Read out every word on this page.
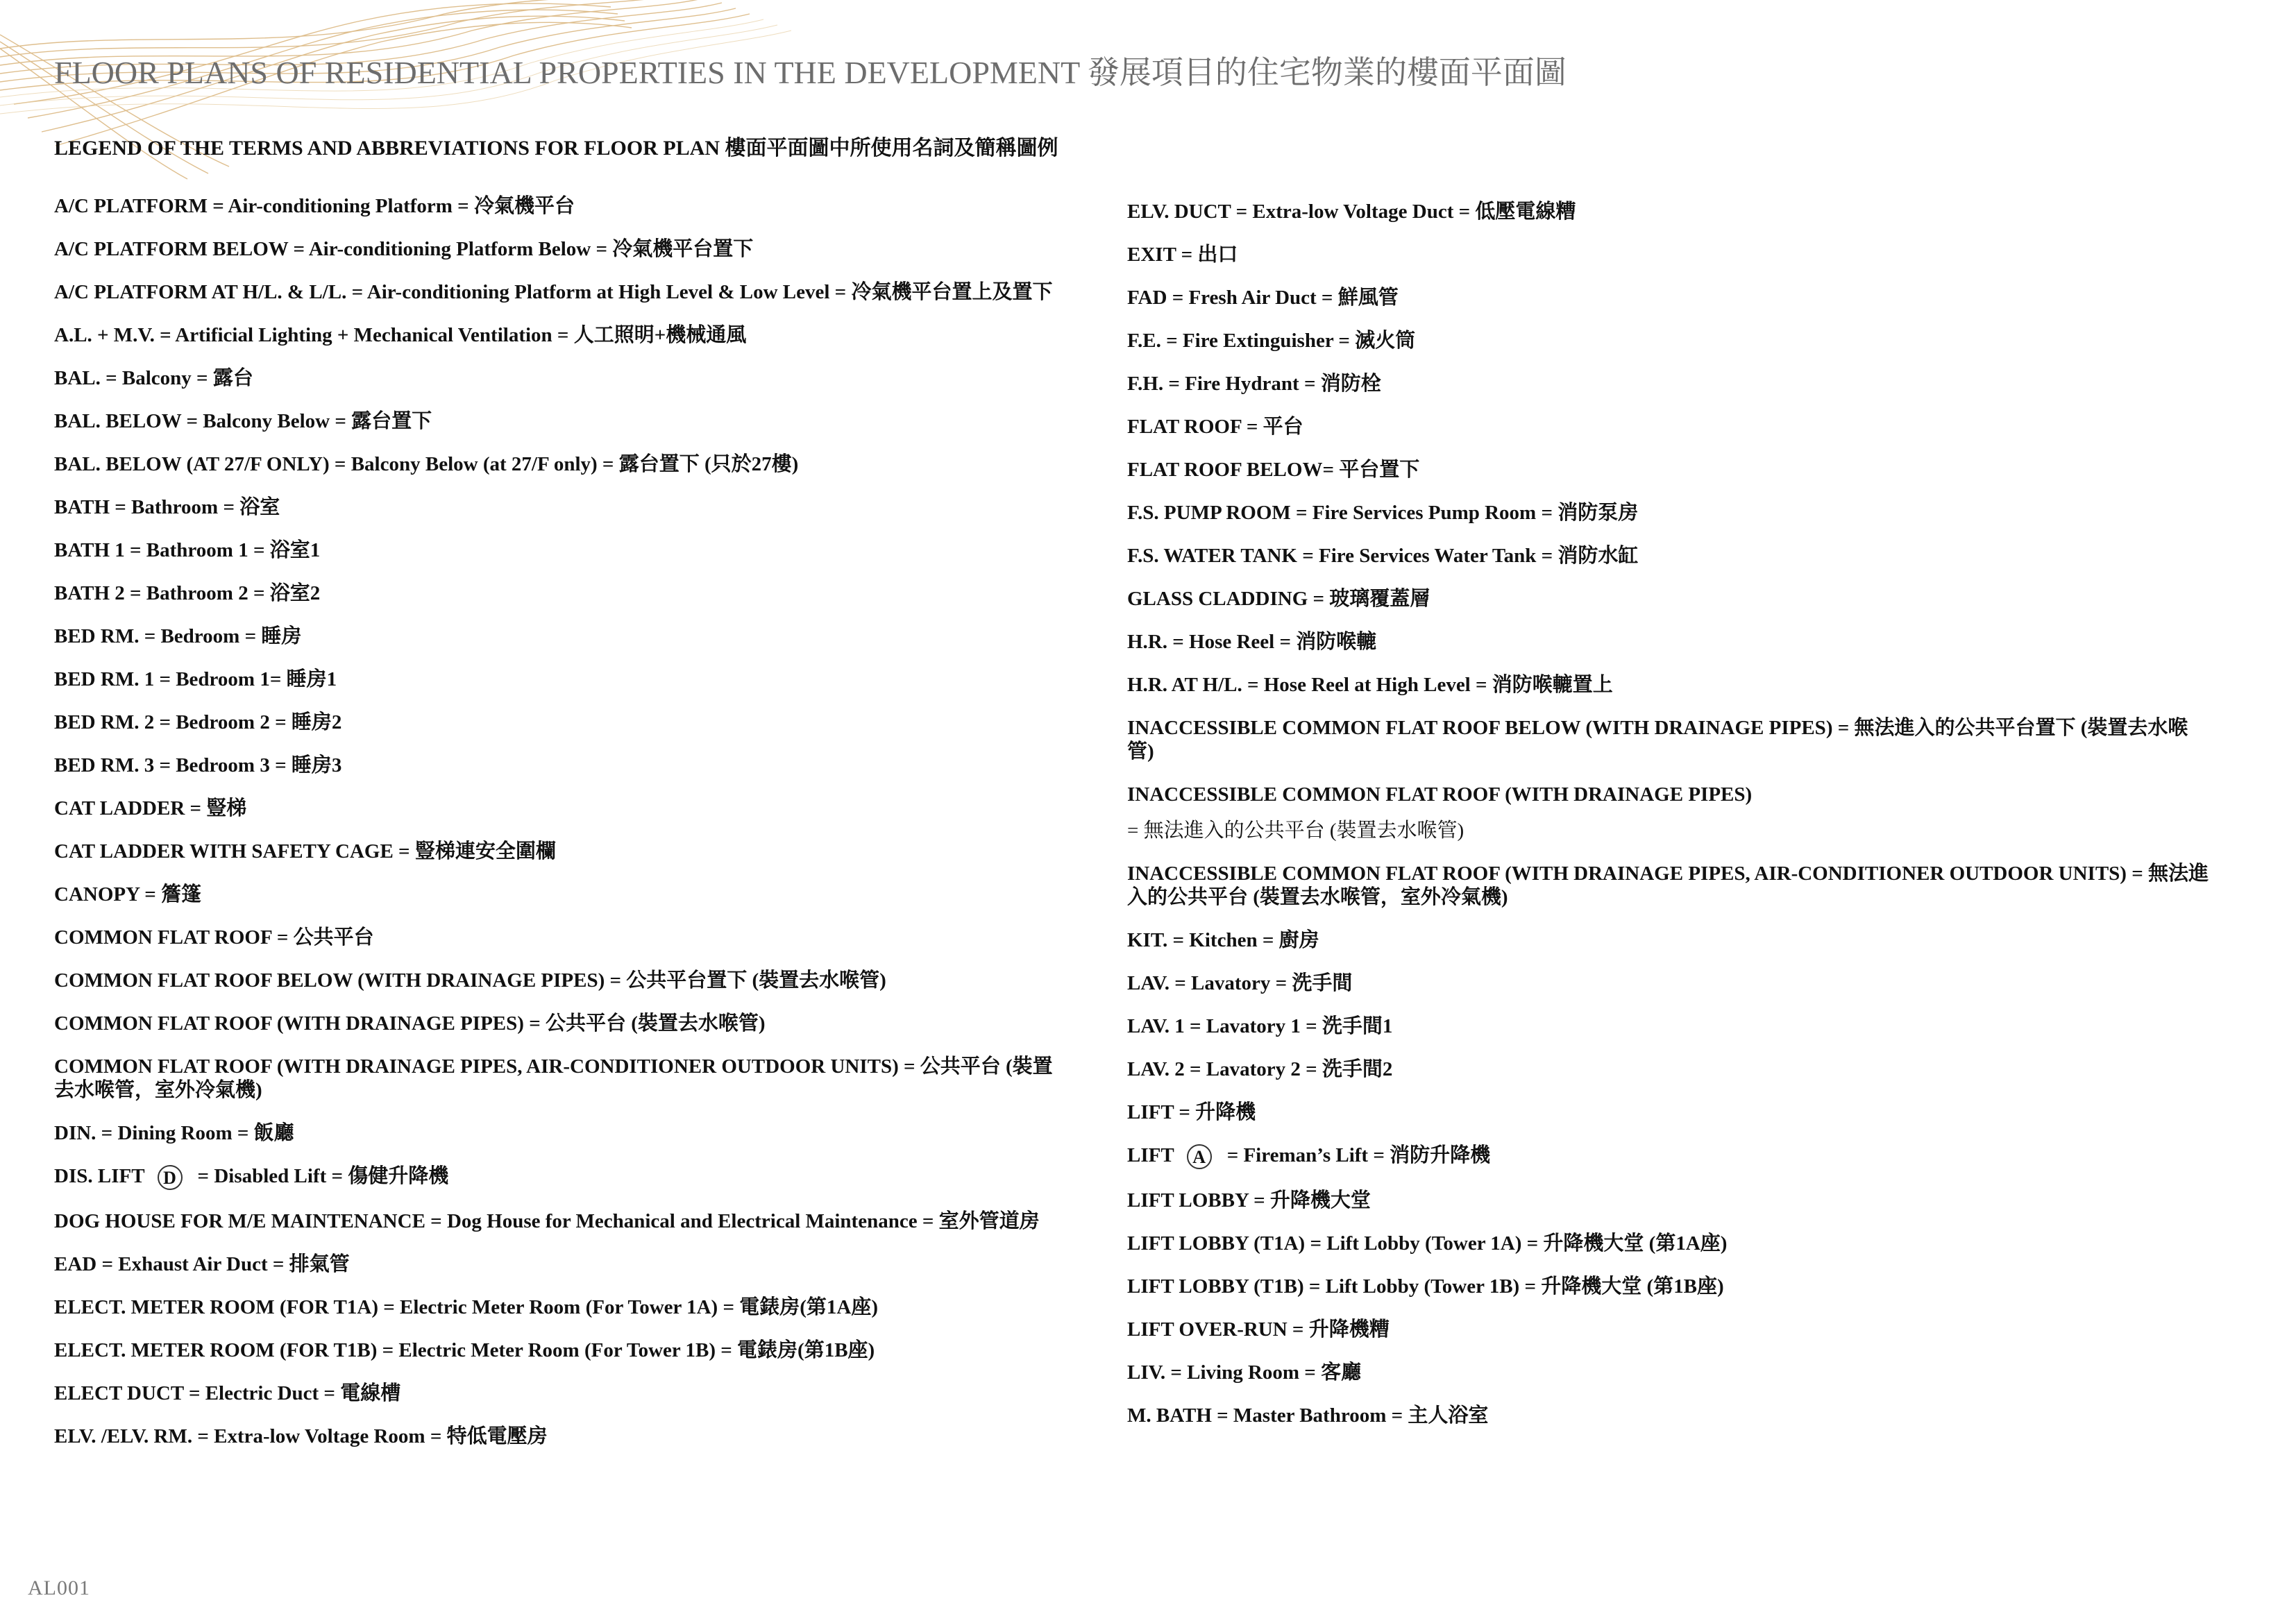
FLOOR PLANS OF RESIDENTIAL PROPERTIES IN THE DEVELOPMENT 發展項目的住宅物業的樓面平面圖
LEGEND OF THE TERMS AND ABBREVIATIONS FOR FLOOR PLAN 樓面平面圖中所使用名詞及簡稱圖例
A/C PLATFORM = Air-conditioning Platform = 冷氣機平台
A/C PLATFORM BELOW = Air-conditioning Platform Below = 冷氣機平台置下
A/C PLATFORM AT H/L. & L/L. = Air-conditioning Platform at High Level & Low Level = 冷氣機平台置上及置下
A.L. + M.V. = Artificial Lighting + Mechanical Ventilation = 人工照明+機械通風
BAL. = Balcony = 露台
BAL. BELOW = Balcony Below = 露台置下
BAL. BELOW (AT 27/F ONLY) = Balcony Below (at 27/F only) = 露台置下 (只於27樓)
BATH = Bathroom = 浴室
BATH 1 = Bathroom 1 = 浴室1
BATH 2 = Bathroom 2 = 浴室2
BED RM. = Bedroom = 睡房
BED RM. 1 = Bedroom 1= 睡房1
BED RM. 2 = Bedroom 2 = 睡房2
BED RM. 3 = Bedroom 3 = 睡房3
CAT LADDER = 豎梯
CAT LADDER WITH SAFETY CAGE = 豎梯連安全圍欄
CANOPY = 簷篷
COMMON FLAT ROOF = 公共平台
COMMON FLAT ROOF BELOW (WITH DRAINAGE PIPES) = 公共平台置下 (裝置去水喉管)
COMMON FLAT ROOF (WITH DRAINAGE PIPES) = 公共平台 (裝置去水喉管)
COMMON FLAT ROOF (WITH DRAINAGE PIPES, AIR-CONDITIONER OUTDOOR UNITS) = 公共平台 (裝置去水喉管，室外冷氣機)
DIN. = Dining Room = 飯廳
DIS. LIFT D = Disabled Lift = 傷健升降機
DOG HOUSE FOR M/E MAINTENANCE = Dog House for Mechanical and Electrical Maintenance = 室外管道房
EAD = Exhaust Air Duct = 排氣管
ELECT. METER ROOM (FOR T1A) = Electric Meter Room (For Tower 1A) = 電錶房(第1A座)
ELECT. METER ROOM (FOR T1B) = Electric Meter Room (For Tower 1B) = 電錶房(第1B座)
ELECT DUCT = Electric Duct = 電線槽
ELV. /ELV. RM. = Extra-low Voltage Room = 特低電壓房
ELV. DUCT = Extra-low Voltage Duct = 低壓電線糟
EXIT = 出口
FAD = Fresh Air Duct = 鮮風管
F.E. = Fire Extinguisher = 滅火筒
F.H. = Fire Hydrant = 消防栓
FLAT ROOF = 平台
FLAT ROOF BELOW= 平台置下
F.S. PUMP ROOM = Fire Services Pump Room = 消防泵房
F.S. WATER TANK = Fire Services Water Tank = 消防水缸
GLASS CLADDING = 玻璃覆蓋層
H.R. = Hose Reel = 消防喉轆
H.R. AT H/L. = Hose Reel at High Level = 消防喉轆置上
INACCESSIBLE COMMON FLAT ROOF BELOW (WITH DRAINAGE PIPES) = 無法進入的公共平台置下 (裝置去水喉管)
INACCESSIBLE COMMON FLAT ROOF (WITH DRAINAGE PIPES)
= 無法進入的公共平台 (裝置去水喉管)
INACCESSIBLE COMMON FLAT ROOF (WITH DRAINAGE PIPES, AIR-CONDITIONER OUTDOOR UNITS) = 無法進入的公共平台 (裝置去水喉管，室外冷氣機)
KIT. = Kitchen = 廚房
LAV. = Lavatory = 洗手間
LAV. 1 = Lavatory 1 = 洗手間1
LAV. 2 = Lavatory 2 = 洗手間2
LIFT = 升降機
LIFT A = Fireman’s Lift = 消防升降機
LIFT LOBBY = 升降機大堂
LIFT LOBBY (T1A) = Lift Lobby (Tower 1A) = 升降機大堂 (第1A座)
LIFT LOBBY (T1B) = Lift Lobby (Tower 1B) = 升降機大堂 (第1B座)
LIFT OVER-RUN = 升降機糟
LIV. = Living Room = 客廳
M. BATH = Master Bathroom = 主人浴室
AL001
